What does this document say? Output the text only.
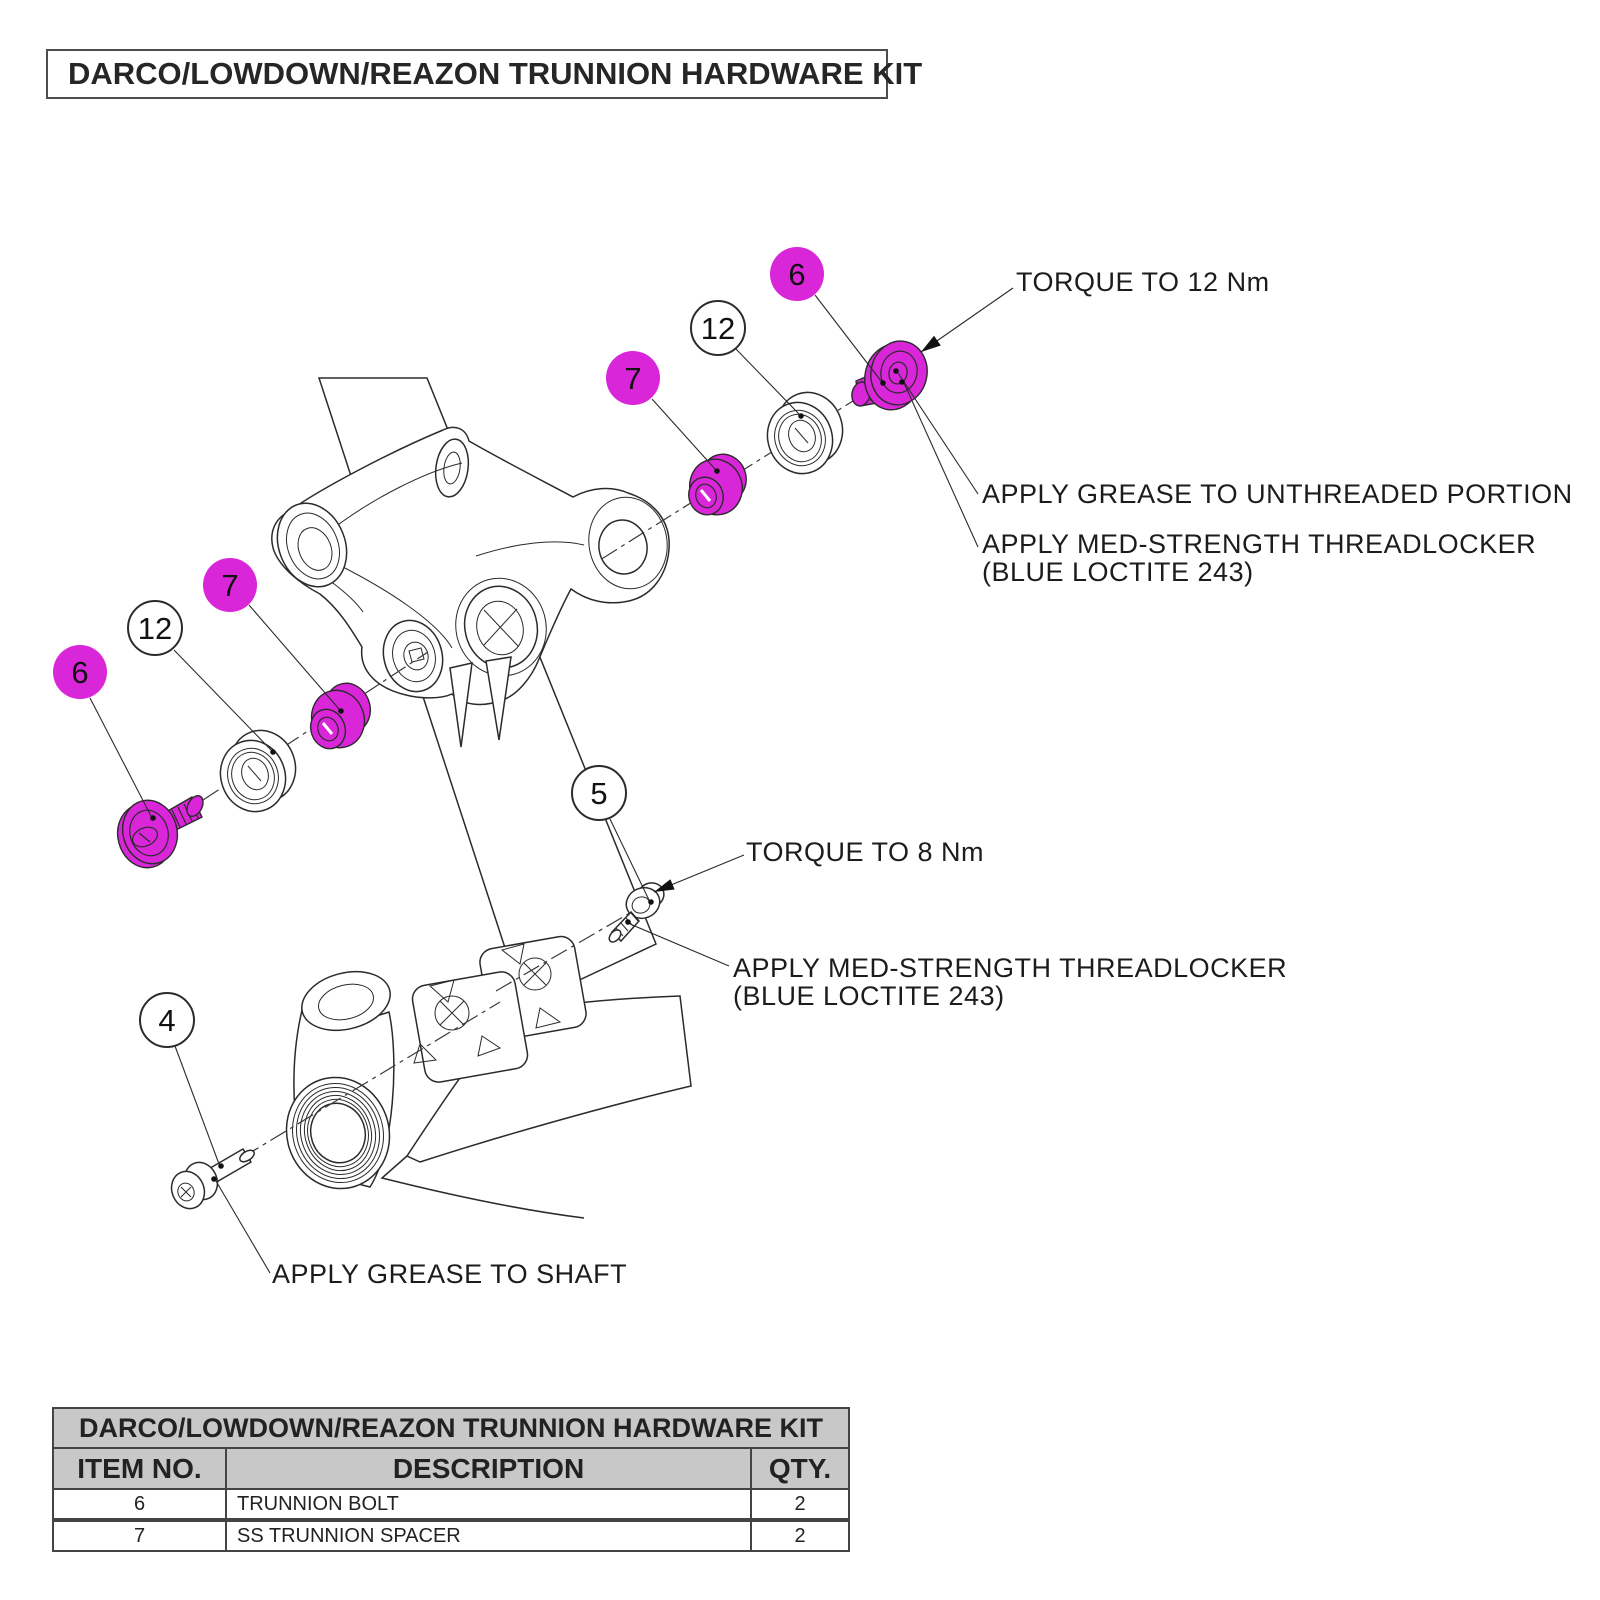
DARCO/LOWDOWN/REAZON TRUNNION HARDWARE KIT
6
12
7
7
12
6
5
4
TORQUE TO 12 Nm
APPLY GREASE TO UNTHREADED PORTION
APPLY MED-STRENGTH THREADLOCKER
(BLUE LOCTITE 243)
TORQUE TO 8 Nm
APPLY MED-STRENGTH THREADLOCKER
(BLUE LOCTITE 243)
APPLY GREASE TO SHAFT
DARCO/LOWDOWN/REAZON TRUNNION HARDWARE KIT
ITEM NO.	DESCRIPTION	QTY.
6	TRUNNION BOLT	2
7	SS TRUNNION SPACER	2
